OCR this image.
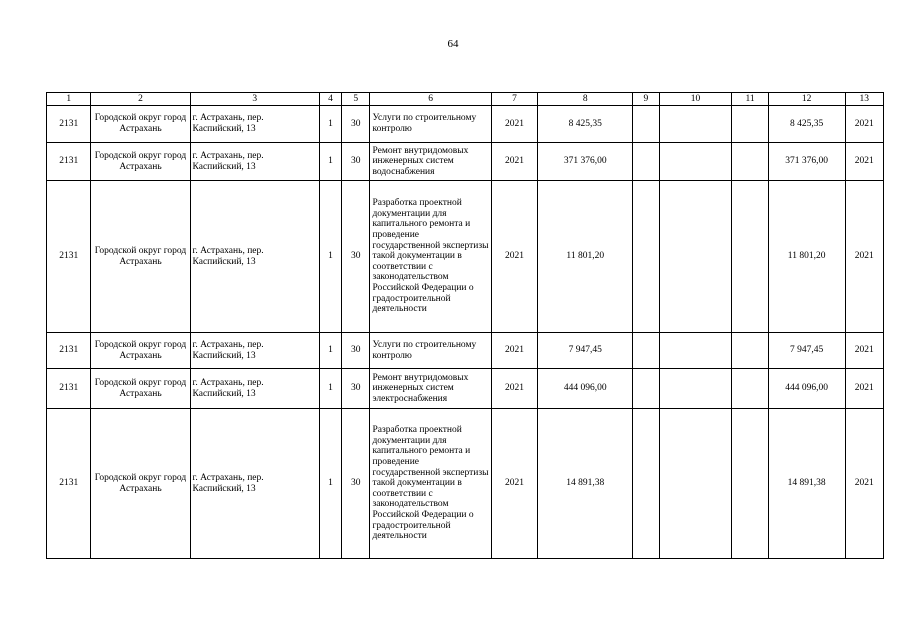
64
1	2	3	4	5	6	7	8	9	10	11	12	13
2131	Городской округ город Астрахань	г. Астрахань, пер. Каспийский, 13	1	30	Услуги по строительному контролю	2021	8 425,35				8 425,35	2021
2131	Городской округ город Астрахань	г. Астрахань, пер. Каспийский, 13	1	30	Ремонт внутридомовых инженерных систем водоснабжения	2021	371 376,00				371 376,00	2021
2131	Городской округ город Астрахань	г. Астрахань, пер. Каспийский, 13	1	30	Разработка проектной документации для капитального ремонта и проведение государственной экспертизы такой документации в соответствии с законодательством Российской Федерации о градостроительной деятельности	2021	11 801,20				11 801,20	2021
2131	Городской округ город Астрахань	г. Астрахань, пер. Каспийский, 13	1	30	Услуги по строительному контролю	2021	7 947,45				7 947,45	2021
2131	Городской округ город Астрахань	г. Астрахань, пер. Каспийский, 13	1	30	Ремонт внутридомовых инженерных систем электроснабжения	2021	444 096,00				444 096,00	2021
2131	Городской округ город Астрахань	г. Астрахань, пер. Каспийский, 13	1	30	Разработка проектной документации для капитального ремонта и проведение государственной экспертизы такой документации в соответствии с законодательством Российской Федерации о градостроительной деятельности	2021	14 891,38				14 891,38	2021
